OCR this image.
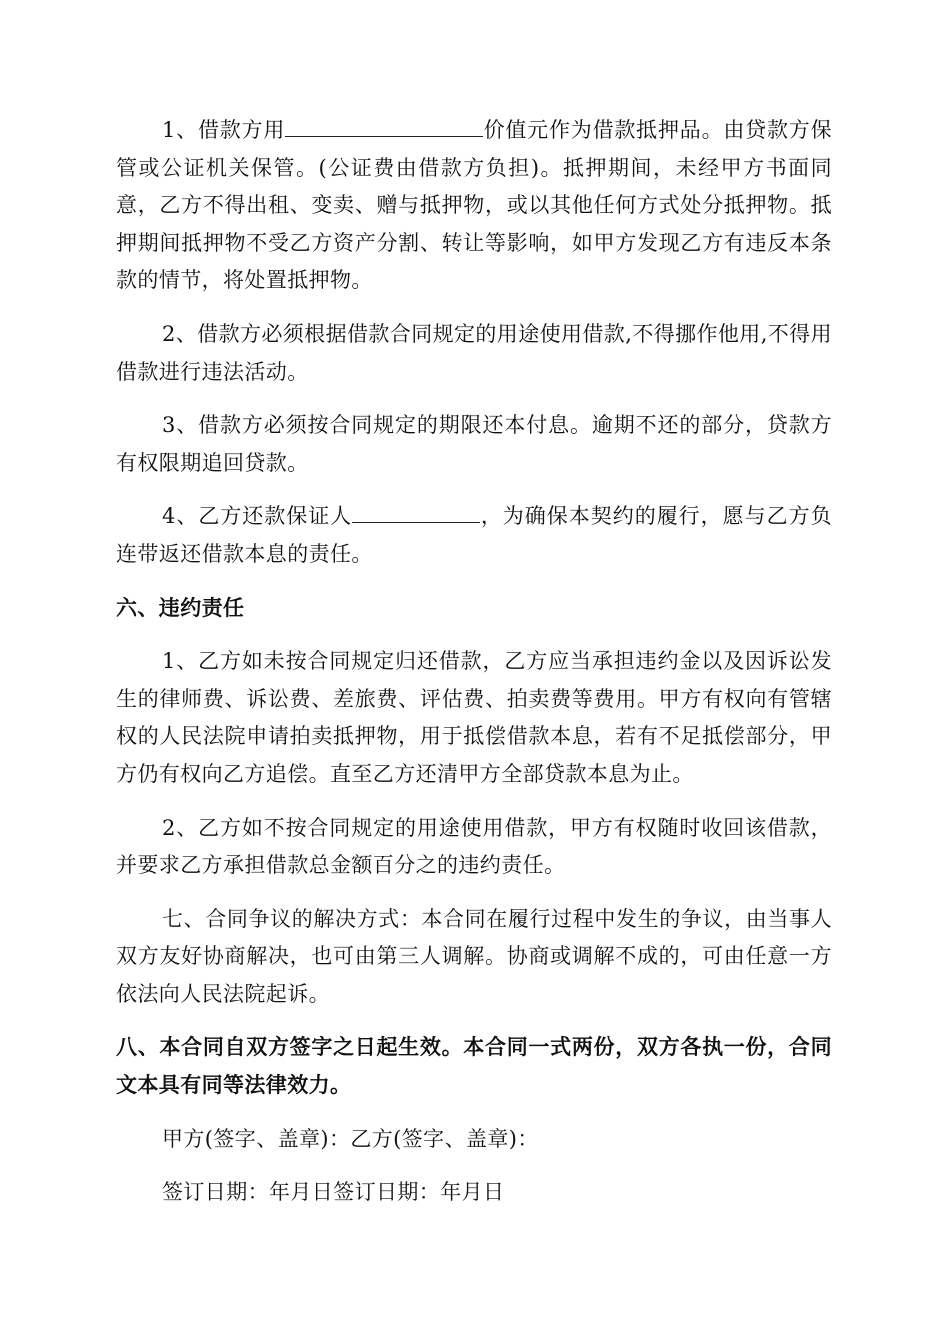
1、借款方用	价值元作为借款抵押品。由贷款方保管或公证机关保管。(公证费由借款方负担)。抵押期间，未经甲方书面同意，乙方不得出租、变卖、赠与抵押物，或以其他任何方式处分抵押物。抵押期间抵押物不受乙方资产分割、转让等影响，如甲方发现乙方有违反本条款的情节，将处置抵押物。

2、借款方必须根据借款合同规定的用途使用借款,不得挪作他用,不得用借款进行违法活动。

3、借款方必须按合同规定的期限还本付息。逾期不还的部分，贷款方有权限期追回贷款。

4、乙方还款保证人	，为确保本契约的履行，愿与乙方负连带返还借款本息的责任。

六、违约责任

1、乙方如未按合同规定归还借款，乙方应当承担违约金以及因诉讼发生的律师费、诉讼费、差旅费、评估费、拍卖费等费用。甲方有权向有管辖权的人民法院申请拍卖抵押物，用于抵偿借款本息，若有不足抵偿部分，甲方仍有权向乙方追偿。直至乙方还清甲方全部贷款本息为止。

2、乙方如不按合同规定的用途使用借款，甲方有权随时收回该借款，并要求乙方承担借款总金额百分之的违约责任。

七、合同争议的解决方式：本合同在履行过程中发生的争议，由当事人双方友好协商解决，也可由第三人调解。协商或调解不成的，可由任意一方依法向人民法院起诉。

八、本合同自双方签字之日起生效。本合同一式两份，双方各执一份，合同文本具有同等法律效力。

甲方(签字、盖章)：乙方(签字、盖章)：

签订日期：年月日签订日期：年月日
